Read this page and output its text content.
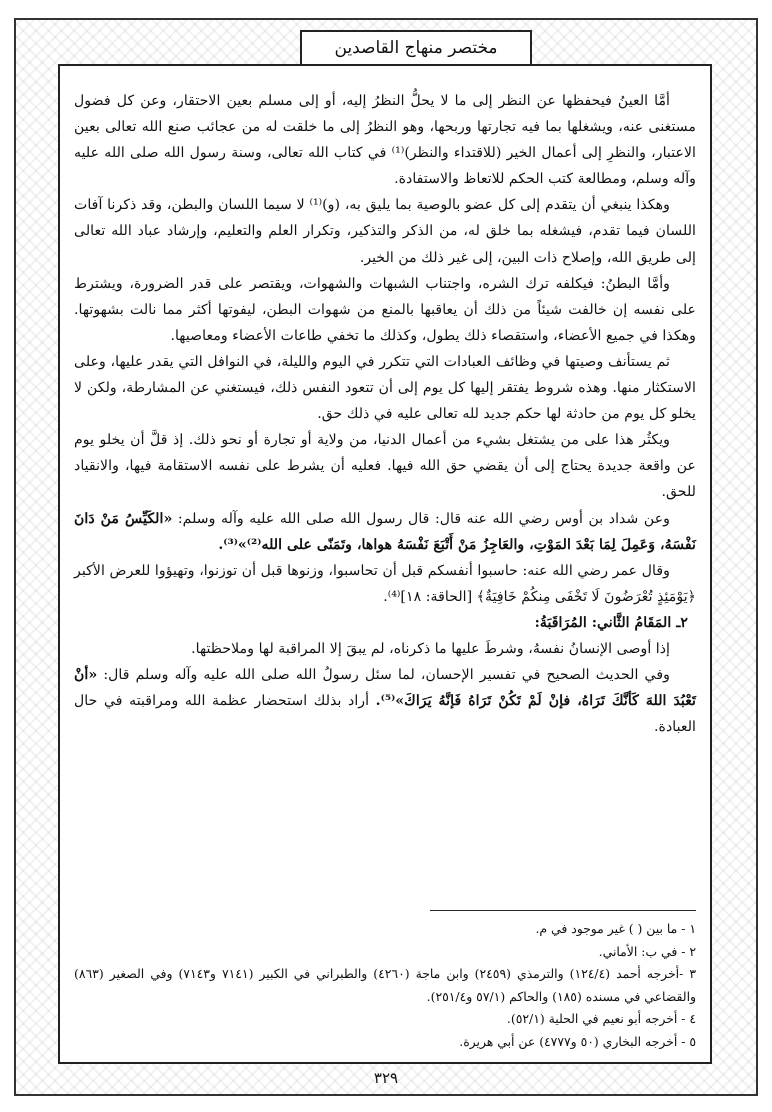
مختصر منهاج القاصدين

أمَّا العينُ فيحفظها عن النظر إلى ما لا يحلُّ النظرُ إليه، أو إلى مسلم بعين الاحتقار، وعن كل فضول مستغنى عنه، ويشغلها بما فيه تجارتها وربحها، وهو النظرُ إلى ما خلقت له من عجائب صنع الله تعالى بعين الاعتبار، والنظرِ إلى أعمال الخير (للاقتداء والنظر)⁽¹⁾ في كتاب الله تعالى، وسنة رسول الله صلى الله عليه وآله وسلم، ومطالعة كتب الحكم للاتعاظ والاستفادة.

وهكذا ينبغي أن يتقدم إلى كل عضو بالوصية بما يليق به، (و)⁽¹⁾ لا سيما اللسان والبطن، وقد ذكرنا آفات اللسان فيما تقدم، فيشغله بما خلق له، من الذكر والتذكير، وتكرار العلم والتعليم، وإرشاد عباد الله تعالى إلى طريق الله، وإصلاح ذات البين، إلى غير ذلك من الخير.

وأمَّا البطنُ: فيكلفه ترك الشره، واجتناب الشبهات والشهوات، ويقتصر على قدر الضرورة، ويشترط على نفسه إن خالفت شيئاً من ذلك أن يعاقبها بالمنع من شهوات البطن، ليفوتها أكثر مما نالت بشهوتها. وهكذا في جميع الأعضاء، واستقصاء ذلك يطول، وكذلك ما تخفي طاعات الأعضاء ومعاصيها.

ثم يستأنف وصيتها في وظائف العبادات التي تتكرر في اليوم والليلة، في النوافل التي يقدر عليها، وعلى الاستكثار منها. وهذه شروط يفتقر إليها كل يوم إلى أن تتعود النفس ذلك، فيستغني عن المشارطة، ولكن لا يخلو كل يوم من حادثة لها حكم جديد لله تعالى عليه في ذلك حق.

ويكثُر هذا على من يشتغل بشيء من أعمال الدنيا، من ولاية أو تجارة أو نحو ذلك. إذ قلَّ أن يخلو يوم عن واقعة جديدة يحتاج إلى أن يقضي حق الله فيها. فعليه أن يشرط على نفسه الاستقامة فيها، والانقياد للحق.

وعن شداد بن أوس رضي الله عنه قال: قال رسول الله صلى الله عليه وآله وسلم: «الكَيِّسُ مَنْ دَانَ نَفْسَهُ، وَعَمِلَ لِمَا بَعْدَ المَوْتِ، والعَاجِزُ مَنْ أَتْبَعَ نَفْسَهُ هواها، وتَمَنّى على الله⁽²⁾»⁽³⁾.

وقال عمر رضي الله عنه: حاسبوا أنفسكم قبل أن تحاسبوا، وزنوها قبل أن توزنوا، وتهيؤوا للعرض الأكبر ﴿يَوْمَئِذٍ تُعْرَضُونَ لَا تَخْفَى مِنكُمْ خَافِيَةٌ﴾ [الحاقة: ١٨]⁽⁴⁾.

٢ـ المَقَامُ الثَّاني: المُرَاقَبَةُ:

إذا أوصى الإنسانُ نفسهُ، وشرطَ عليها ما ذكرناه، لم يبقَ إلا المراقبة لها وملاحظتها.

وفي الحديث الصحيح في تفسير الإحسان، لما سئل رسولُ الله صلى الله عليه وآله وسلم قال: «أنْ تَعْبُدَ اللهَ كَأنَّكَ تَرَاهُ، فإنْ لَمْ تَكُنْ تَرَاهُ فَإنَّهُ يَرَاكَ»⁽⁵⁾. أراد بذلك استحضار عظمة الله ومراقبته في حال العبادة.

١ - ما بين ( ) غير موجود في م.
٢ - في ب: الأماني.
٣ -أخرجه أحمد (١٢٤/٤) والترمذي (٢٤٥٩) وابن ماجة (٤٢٦٠) والطبراني في الكبير (٧١٤١ و٧١٤٣) وفي الصغير (٨٦٣) والقضاعي في مسنده (١٨٥) والحاكم (٥٧/١ و٢٥١/٤).
٤ - أخرجه أبو نعيم في الحلية (٥٢/١).
٥ - أخرجه البخاري (٥٠ و٤٧٧٧) عن أبي هريرة.
٣٢٩
